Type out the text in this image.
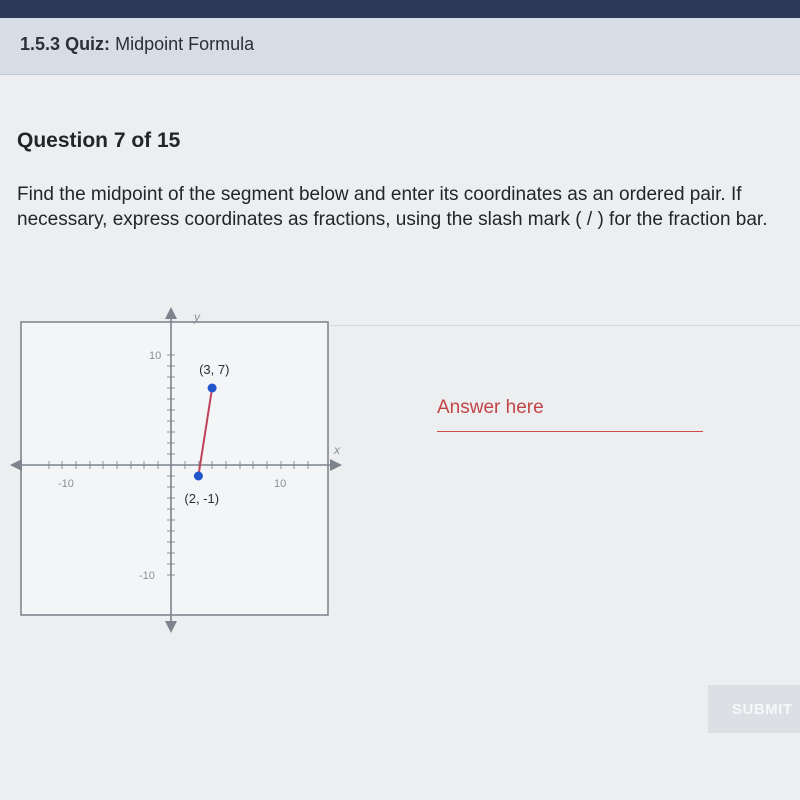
1.5.3 Quiz: Midpoint Formula
Question 7 of 15
Find the midpoint of the segment below and enter its coordinates as an ordered pair. If necessary, express coordinates as fractions, using the slash mark ( / ) for the fraction bar.
y
x
-10	10
10
-10
(3, 7)
(2, -1)
Answer here
SUBMIT
